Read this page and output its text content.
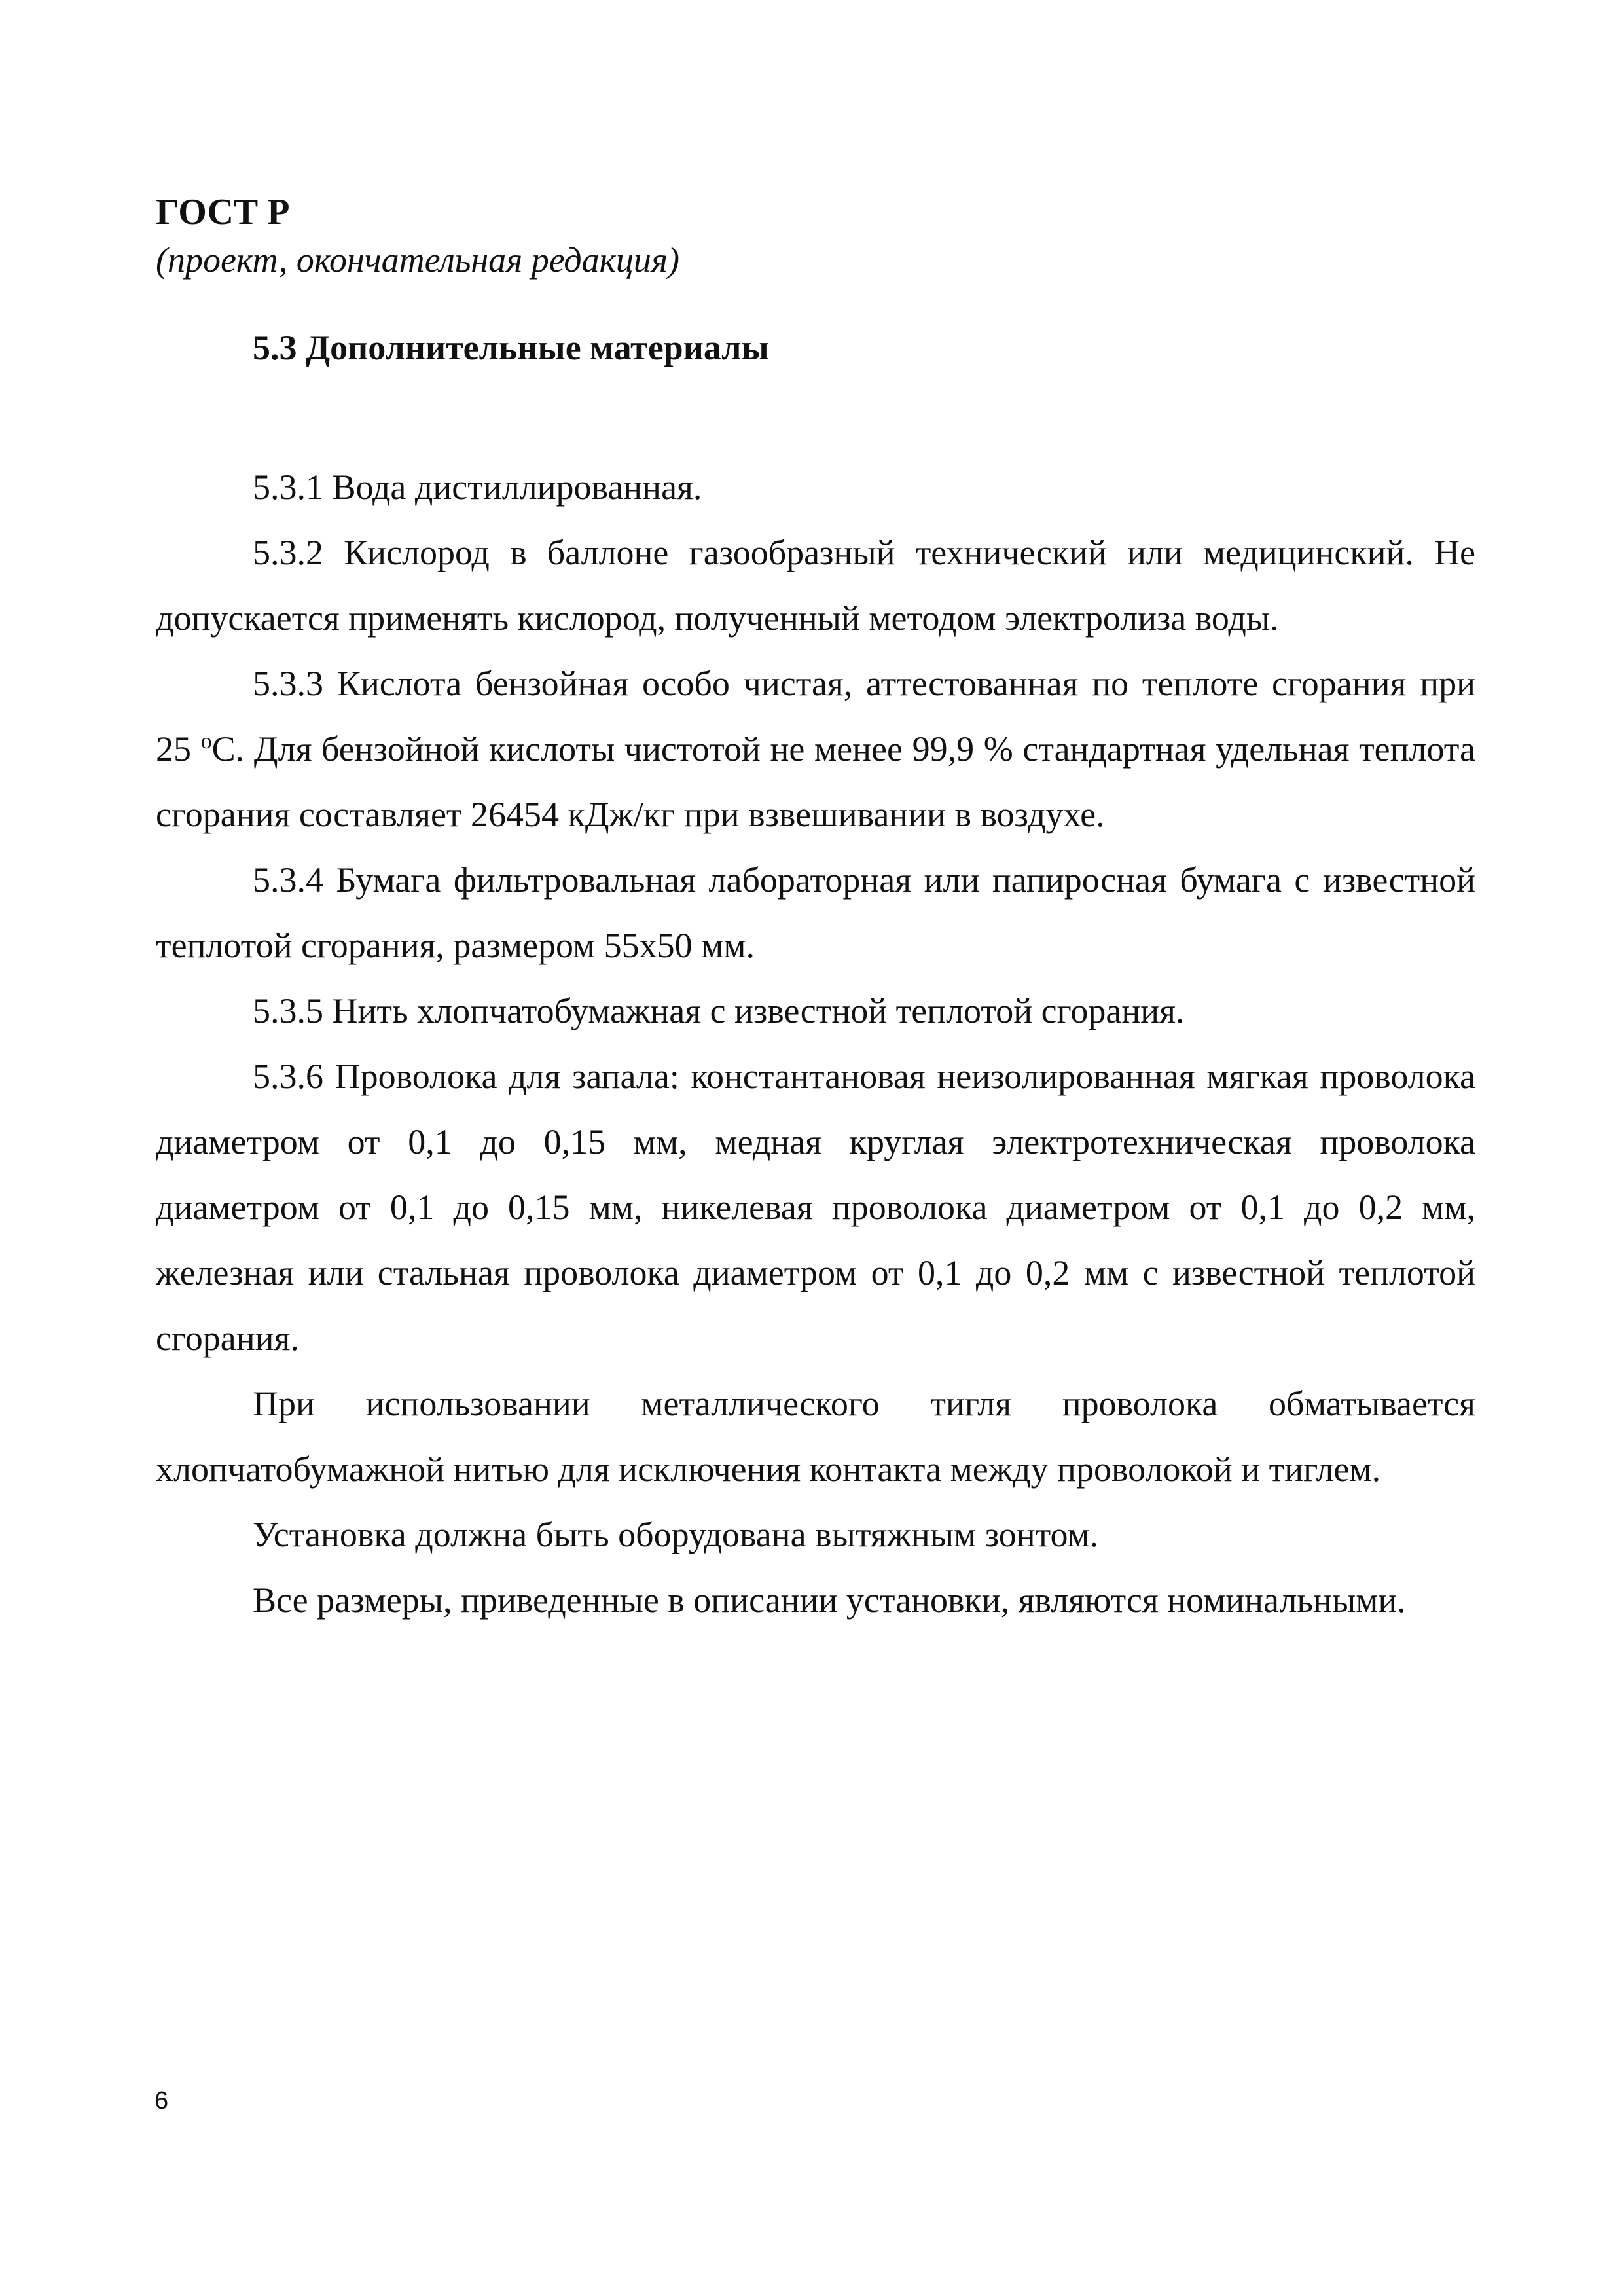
ГОСТ Р

(проект, окончательная редакция)

5.3 Дополнительные материалы

5.3.1 Вода дистиллированная.

5.3.2 Кислород в баллоне газообразный технический или медицинский. Не допускается применять кислород, полученный методом электролиза воды.

5.3.3 Кислота бензойная особо чистая, аттестованная по теплоте сгорания при 25 $^о$С. Для бензойной кислоты чистотой не менее 99,9 % стандартная удельная теплота сгорания составляет 26454 кДж/кг при взвешивании в воздухе.

5.3.4 Бумага фильтровальная лабораторная или папиросная бумага с известной теплотой сгорания, размером 55х50 мм.

5.3.5 Нить хлопчатобумажная с известной теплотой сгорания.

5.3.6 Проволока для запала: константановая неизолированная мягкая проволока диаметром от 0,1 до 0,15 мм, медная круглая электротехническая проволока диаметром от 0,1 до 0,15 мм, никелевая проволока диаметром от 0,1 до 0,2 мм, железная или стальная проволока диаметром от 0,1 до 0,2 мм с известной теплотой сгорания.

При использовании металлического тигля проволока обматывается хлопчатобумажной нитью для исключения контакта между проволокой и тиглем.

Установка должна быть оборудована вытяжным зонтом.

Все размеры, приведенные в описании установки, являются номинальными.

6
